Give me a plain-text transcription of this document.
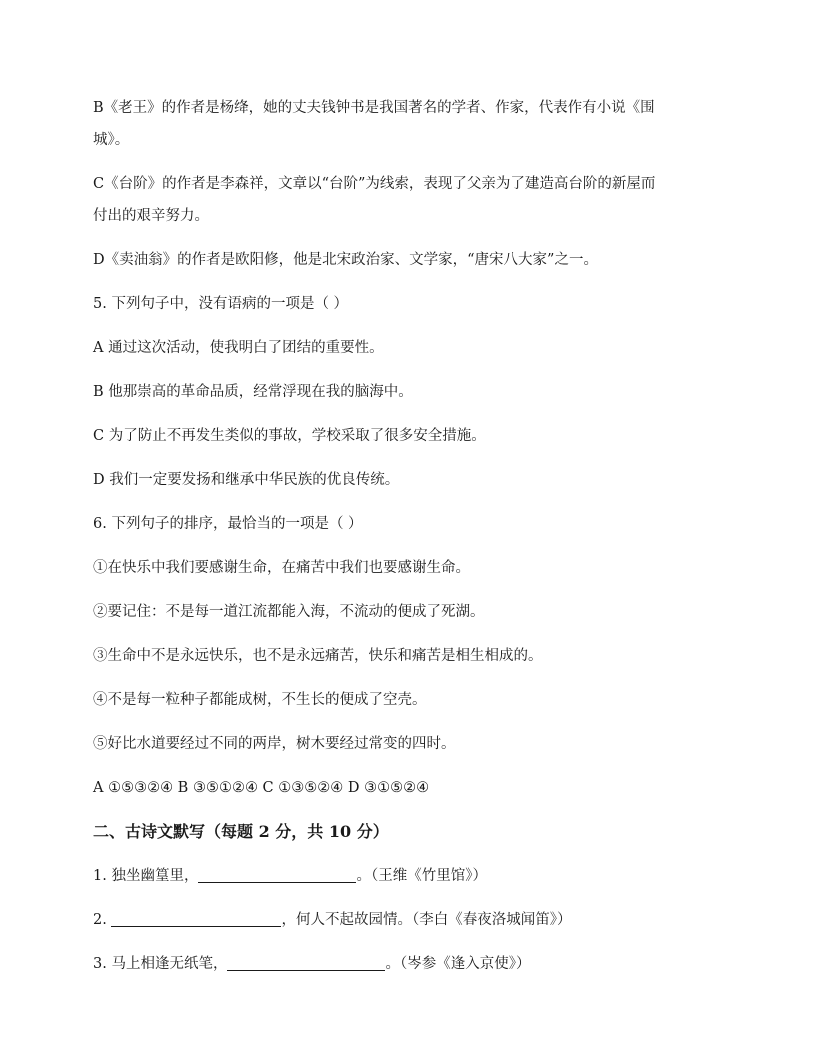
B《老王》的作者是杨绛，她的丈夫钱钟书是我国著名的学者、作家，代表作有小说《围
城》。
C《台阶》的作者是李森祥，文章以“台阶”为线索，表现了父亲为了建造高台阶的新屋而
付出的艰辛努力。
D《卖油翁》的作者是欧阳修，他是北宋政治家、文学家，“唐宋八大家”之一。
5. 下列句子中，没有语病的一项是（ ）
A 通过这次活动，使我明白了团结的重要性。
B 他那崇高的革命品质，经常浮现在我的脑海中。
C 为了防止不再发生类似的事故，学校采取了很多安全措施。
D 我们一定要发扬和继承中华民族的优良传统。
6. 下列句子的排序，最恰当的一项是（ ）
①在快乐中我们要感谢生命，在痛苦中我们也要感谢生命。
②要记住：不是每一道江流都能入海，不流动的便成了死湖。
③生命中不是永远快乐，也不是永远痛苦，快乐和痛苦是相生相成的。
④不是每一粒种子都能成树，不生长的便成了空壳。
⑤好比水道要经过不同的两岸，树木要经过常变的四时。
A ①⑤③②④ B ③⑤①②④ C ①③⑤②④ D ③①⑤②④
二、古诗文默写（每题 2 分，共 10 分）
1. 独坐幽篁里，	。（王维《竹里馆》）
2.	，何人不起故园情。（李白《春夜洛城闻笛》）
3. 马上相逢无纸笔，	。（岑参《逢入京使》）
